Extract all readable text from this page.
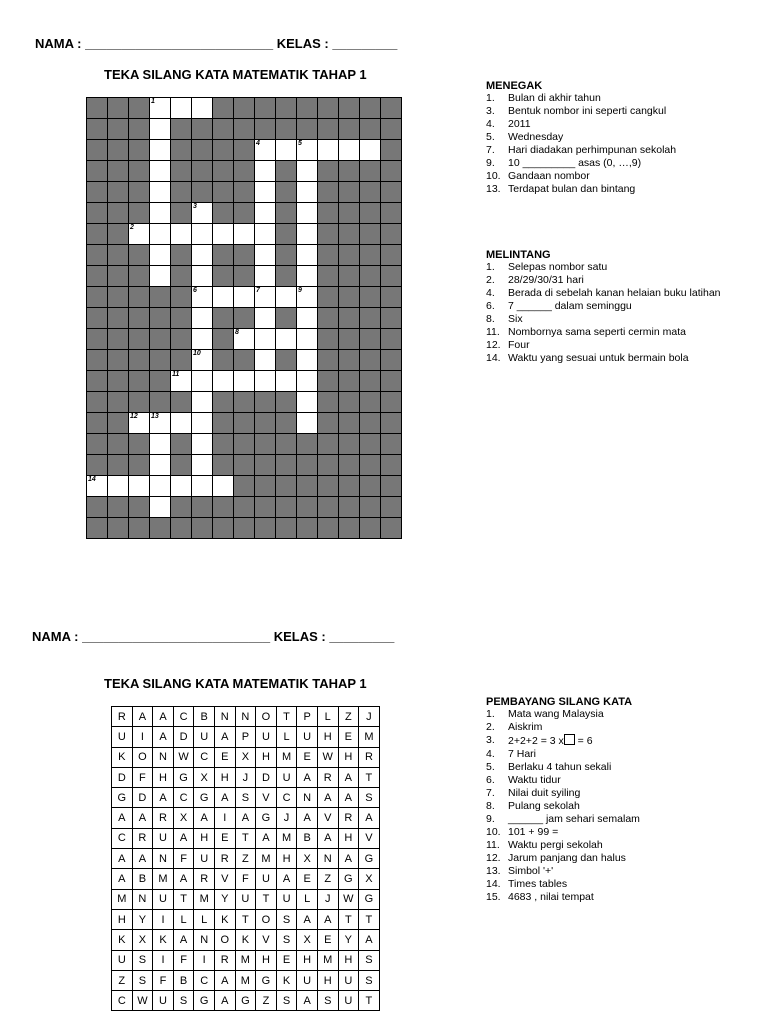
NAMA : __________________________ KELAS : _________
TEKA SILANG KATA MATEMATIK TAHAP 1
1
4	5
3
2
6	7	9
8
10
11
12 13
14
MENEGAK
1.	Bulan di akhir tahun
3.	Bentuk nombor ini seperti cangkul
4.	2011
5.	Wednesday
7.	Hari diadakan perhimpunan sekolah
9.	10 _________ asas (0, …,9)
10. Gandaan nombor
13. Terdapat bulan dan bintang
MELINTANG
1.	Selepas nombor satu
2.	28/29/30/31 hari
4.	Berada di sebelah kanan helaian buku latihan
6.	7 ______ dalam seminggu
8.	Six
11. Nombornya sama seperti cermin mata
12. Four
14. Waktu yang sesuai untuk bermain bola
NAMA : __________________________ KELAS : _________
TEKA SILANG KATA MATEMATIK TAHAP 1
R	A	A	C	B	N	N	O	T	P	L	Z	J
U	I	A	D	U	A	P	U	L	U	H	E	M
K	O	N	W	C	E	X	H	M	E	W	H	R
D	F	H	G	X	H	J	D	U	A	R	A	T
G	D	A	C	G	A	S	V	C	N	A	A	S
A	A	R	X	A	I	A	G	J	A	V	R	A
C	R	U	A	H	E	T	A	M	B	A	H	V
A	A	N	F	U	R	Z	M	H	X	N	A	G
A	B	M	A	R	V	F	U	A	E	Z	G	X
M	N	U	T	M	Y	U	T	U	L	J	W	G
H	Y	I	L	L	K	T	O	S	A	A	T	T
K	X	K	A	N	O	K	V	S	X	E	Y	A
U	S	I	F	I	R	M	H	E	H	M	H	S
Z	S	F	B	C	A	M	G	K	U	H	U	S
C	W	U	S	G	A	G	Z	S	A	S	U	T
PEMBAYANG SILANG KATA
1.	Mata wang Malaysia
2.	Aiskrim
3.	2+2+2 = 3 x = 6
4.	7 Hari
5.	Berlaku 4 tahun sekali
6.	Waktu tidur
7.	Nilai duit syiling
8.	Pulang sekolah
9.	______ jam sehari semalam
10. 101 + 99 =
11. Waktu pergi sekolah
12. Jarum panjang dan halus
13. Simbol '+'
14. Times tables
15. 4683 , nilai tempat
